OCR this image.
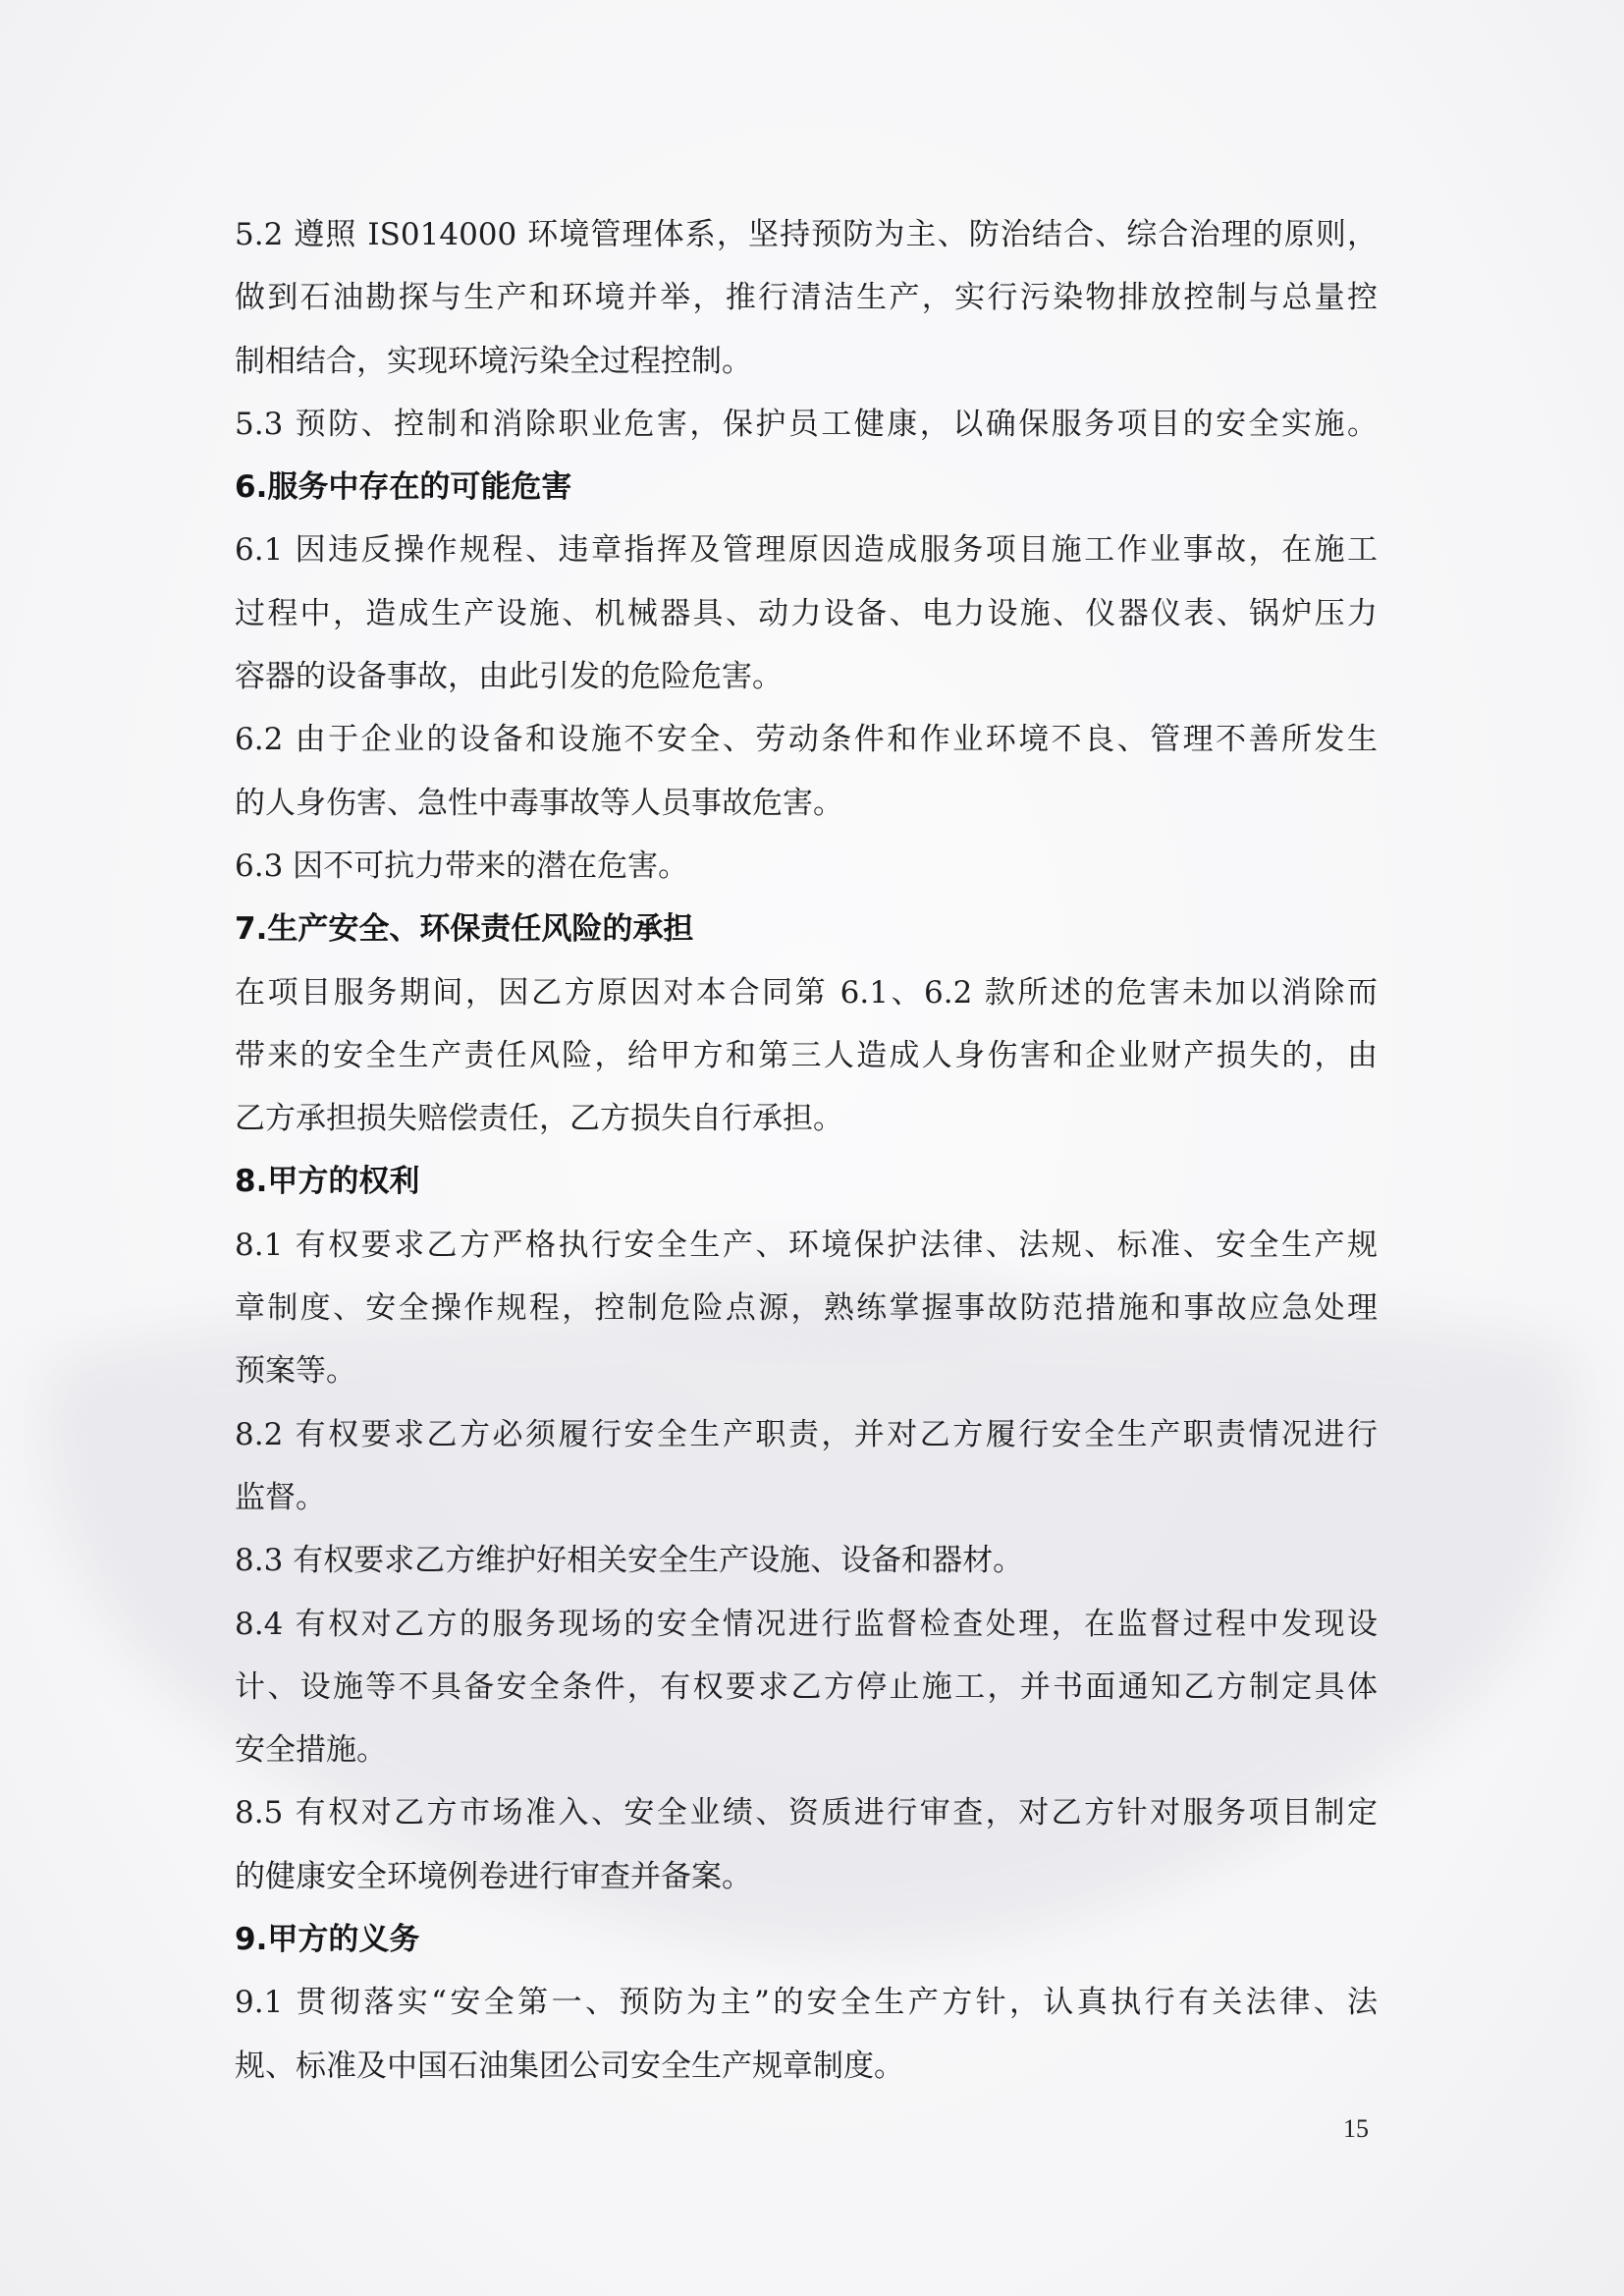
5.2 遵照 IS014000 环境管理体系，坚持预防为主、防治结合、综合治理的原则，
做到石油勘探与生产和环境并举，推行清洁生产，实行污染物排放控制与总量控
制相结合，实现环境污染全过程控制。
5.3 预防、控制和消除职业危害，保护员工健康，以确保服务项目的安全实施。
6.服务中存在的可能危害
6.1 因违反操作规程、违章指挥及管理原因造成服务项目施工作业事故，在施工
过程中，造成生产设施、机械器具、动力设备、电力设施、仪器仪表、锅炉压力
容器的设备事故，由此引发的危险危害。
6.2 由于企业的设备和设施不安全、劳动条件和作业环境不良、管理不善所发生
的人身伤害、急性中毒事故等人员事故危害。
6.3 因不可抗力带来的潜在危害。
7.生产安全、环保责任风险的承担
在项目服务期间，因乙方原因对本合同第 6.1、6.2 款所述的危害未加以消除而
带来的安全生产责任风险，给甲方和第三人造成人身伤害和企业财产损失的，由
乙方承担损失赔偿责任，乙方损失自行承担。
8.甲方的权利
8.1 有权要求乙方严格执行安全生产、环境保护法律、法规、标准、安全生产规
章制度、安全操作规程，控制危险点源，熟练掌握事故防范措施和事故应急处理
预案等。
8.2 有权要求乙方必须履行安全生产职责，并对乙方履行安全生产职责情况进行
监督。
8.3 有权要求乙方维护好相关安全生产设施、设备和器材。
8.4 有权对乙方的服务现场的安全情况进行监督检查处理，在监督过程中发现设
计、设施等不具备安全条件，有权要求乙方停止施工，并书面通知乙方制定具体
安全措施。
8.5 有权对乙方市场准入、安全业绩、资质进行审查，对乙方针对服务项目制定
的健康安全环境例卷进行审查并备案。
9.甲方的义务
9.1 贯彻落实“安全第一、预防为主”的安全生产方针，认真执行有关法律、法
规、标准及中国石油集团公司安全生产规章制度。
15
